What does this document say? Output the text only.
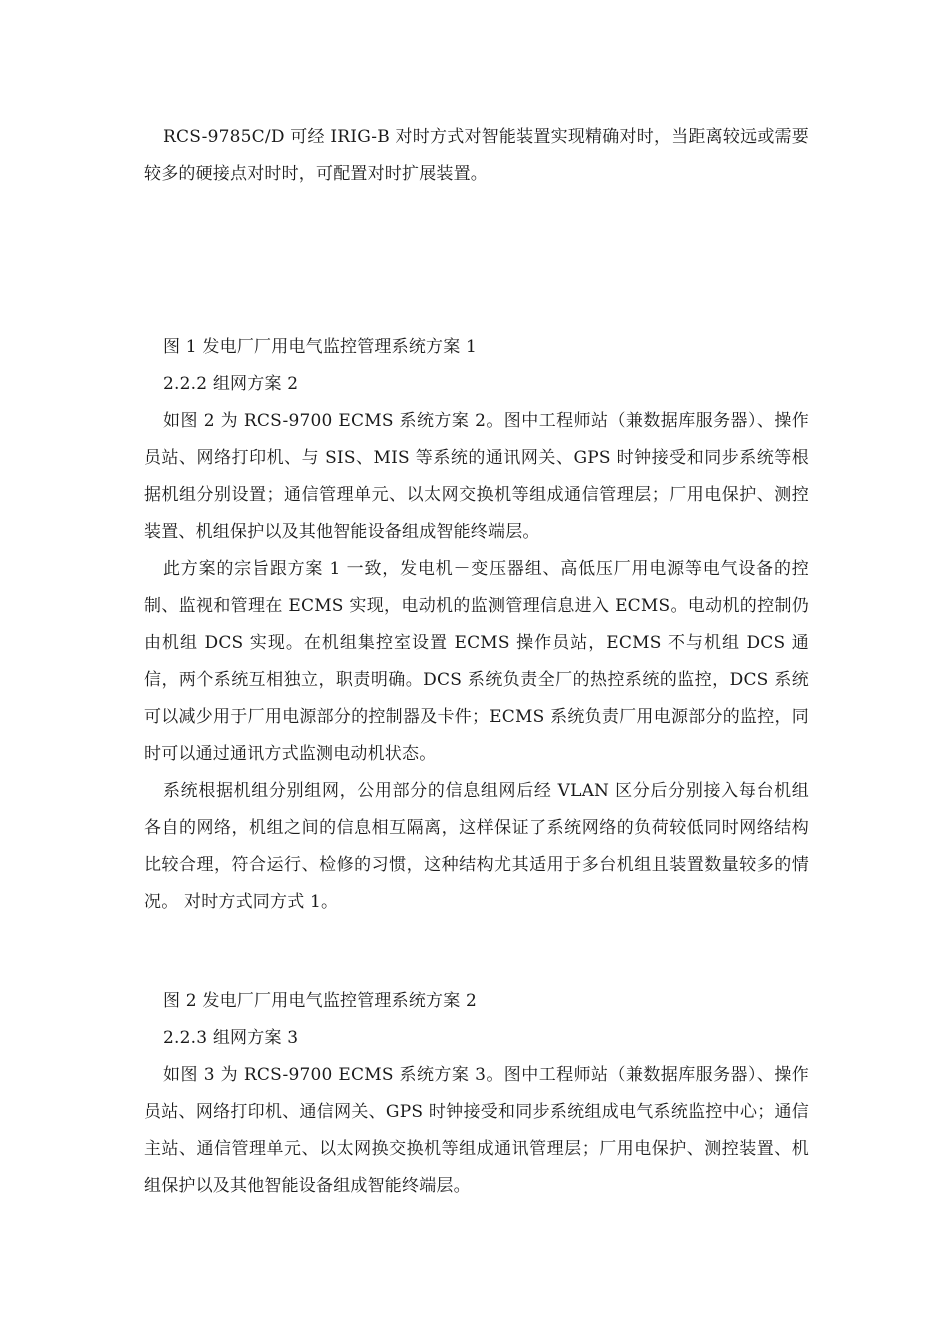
RCS-9785C/D 可经 IRIG-B 对时方式对智能装置实现精确对时，当距离较远或需要较多的硬接点对时时，可配置对时扩展装置。

图 1 发电厂厂用电气监控管理系统方案 1

2.2.2 组网方案 2

如图 2 为 RCS-9700 ECMS 系统方案 2。图中工程师站（兼数据库服务器）、操作员站、网络打印机、与 SIS、MIS 等系统的通讯网关、GPS 时钟接受和同步系统等根据机组分别设置；通信管理单元、以太网交换机等组成通信管理层；厂用电保护、测控装置、机组保护以及其他智能设备组成智能终端层。

此方案的宗旨跟方案 1 一致，发电机－变压器组、高低压厂用电源等电气设备的控制、监视和管理在 ECMS 实现，电动机的监测管理信息进入 ECMS。电动机的控制仍由机组 DCS 实现。在机组集控室设置 ECMS 操作员站，ECMS 不与机组 DCS 通信，两个系统互相独立，职责明确。DCS 系统负责全厂的热控系统的监控，DCS 系统可以减少用于厂用电源部分的控制器及卡件；ECMS 系统负责厂用电源部分的监控，同时可以通过通讯方式监测电动机状态。

系统根据机组分别组网，公用部分的信息组网后经 VLAN 区分后分别接入每台机组各自的网络，机组之间的信息相互隔离，这样保证了系统网络的负荷较低同时网络结构比较合理，符合运行、检修的习惯，这种结构尤其适用于多台机组且装置数量较多的情况。 对时方式同方式 1。

图 2 发电厂厂用电气监控管理系统方案 2

2.2.3 组网方案 3

如图 3 为 RCS-9700 ECMS 系统方案 3。图中工程师站（兼数据库服务器）、操作员站、网络打印机、通信网关、GPS 时钟接受和同步系统组成电气系统监控中心；通信主站、通信管理单元、以太网换交换机等组成通讯管理层；厂用电保护、测控装置、机组保护以及其他智能设备组成智能终端层。
